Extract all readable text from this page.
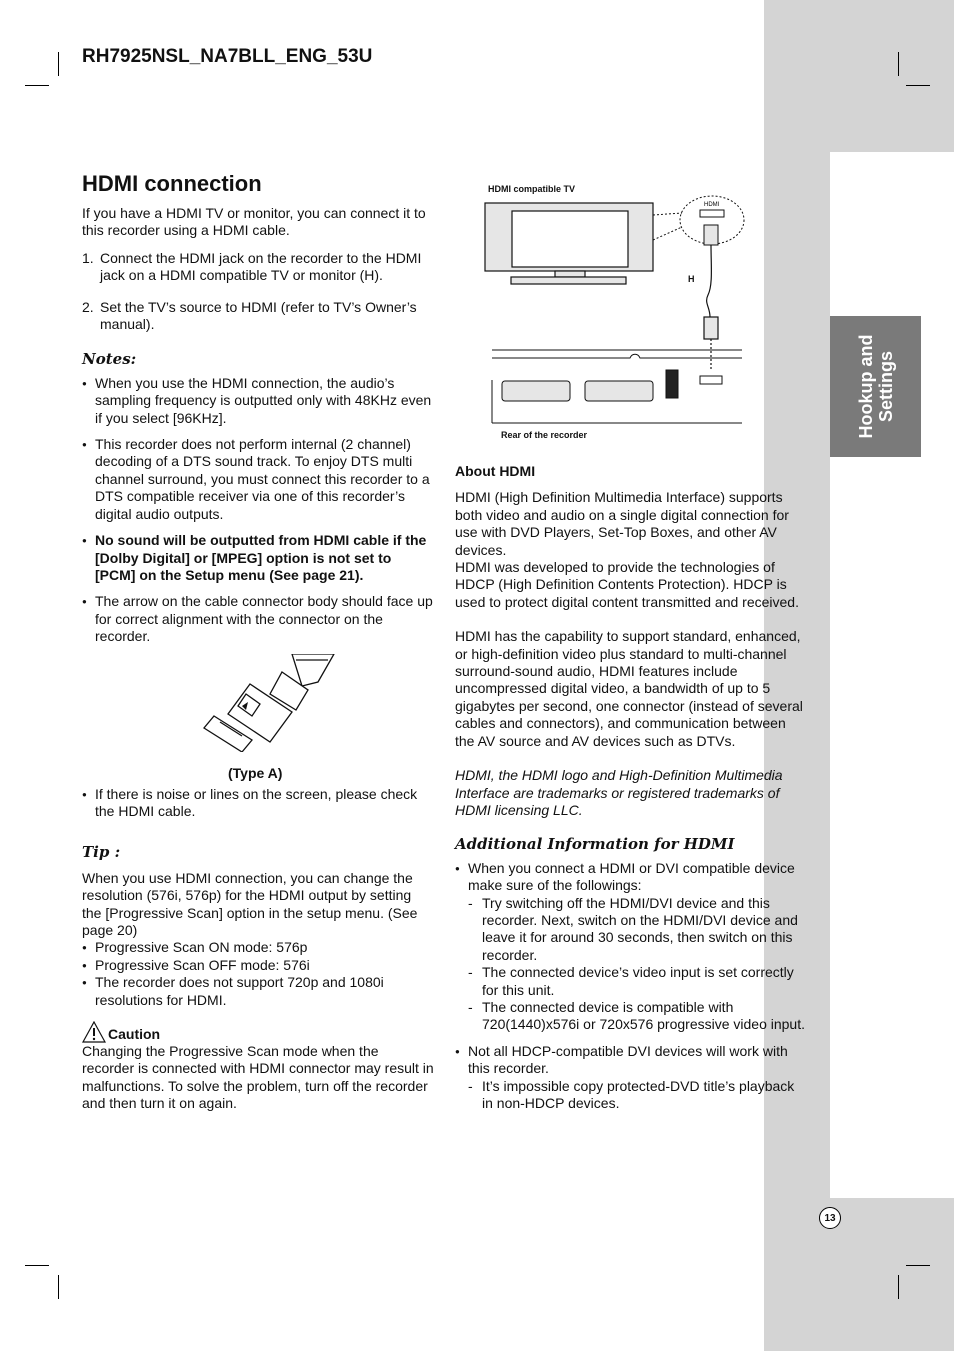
Hookup and Settings
RH7925NSL_NA7BLL_ENG_53U
HDMI connection

If you have a HDMI TV or monitor, you can connect it to this recorder using a HDMI cable.

1. Connect the HDMI jack on the recorder to the HDMI jack on a HDMI compatible TV or monitor (H).
2. Set the TV’s source to HDMI (refer to TV’s Owner’s manual).
Notes:
● When you use the HDMI connection, the audio’s sampling frequency is outputted only with 48KHz even if you select [96KHz].
● This recorder does not perform internal (2 channel) decoding of a DTS sound track. To enjoy DTS multi channel surround, you must connect this recorder to a DTS compatible receiver via one of this recorder’s digital audio outputs.
● No sound will be outputted from HDMI cable if the [Dolby Digital] or [MPEG] option is not set to [PCM] on the Setup menu (See page 21).
● The arrow on the cable connector body should face up for correct alignment with the connector on the recorder.
(Type A)
● If there is noise or lines on the screen, please check the HDMI cable.
Tip :

When you use HDMI connection, you can change the resolution (576i, 576p) for the HDMI output by setting the [Progressive Scan] option in the setup menu. (See page 20)

● Progressive Scan ON mode: 576p
● Progressive Scan OFF mode: 576i
● The recorder does not support 720p and 1080i resolutions for HDMI.
Caution

Changing the Progressive Scan mode when the recorder is connected with HDMI connector may result in malfunctions. To solve the problem, turn off the recorder and then turn it on again.

HDMI compatible TV
Rear of the recorder
H
HDMI
About HDMI

HDMI (High Definition Multimedia Interface) supports both video and audio on a single digital connection for use with DVD Players, Set-Top Boxes, and other AV devices.

HDMI was developed to provide the technologies of HDCP (High Definition Contents Protection). HDCP is used to protect digital content transmitted and received.

HDMI has the capability to support standard, enhanced, or high-definition video plus standard to multi-channel surround-sound audio, HDMI features include uncompressed digital video, a bandwidth of up to 5 gigabytes per second, one connector (instead of several cables and connectors), and communication between the AV source and AV devices such as DTVs.

HDMI, the HDMI logo and High-Definition Multimedia Interface are trademarks or registered trademarks of HDMI licensing LLC.

Additional Information for HDMI
● When you connect a HDMI or DVI compatible device make sure of the followings:
- Try switching off the HDMI/DVI device and this recorder. Next, switch on the HDMI/DVI device and leave it for around 30 seconds, then switch on this recorder.
- The connected device’s video input is set correctly for this unit.
- The connected device is compatible with 720(1440)x576i or 720x576 progressive video input.
● Not all HDCP-compatible DVI devices will work with this recorder.
- It’s impossible copy protected-DVD title’s playback in non-HDCP devices.
13
